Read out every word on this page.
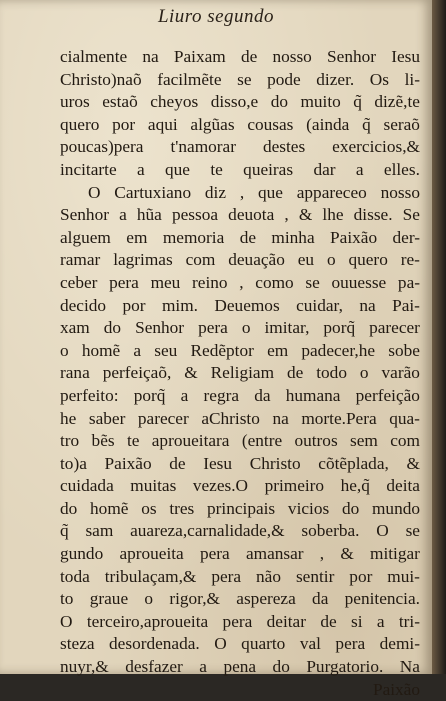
Liuro segundo
cialmente na Paixam de nosso Senhor Iesu
Christo)naõ facilmẽte se pode dizer. Os li-
uros estaõ cheyos disso,e do muito q̃ dizẽ,te
quero por aqui algũas cousas (ainda q̃ seraõ
poucas)pera t'namorar destes exercicios,&
incitarte a que te queiras dar a elles.
O Cartuxiano diz , que appareceo nosso
Senhor a hũa pessoa deuota , & lhe disse. Se
alguem em memoria de minha Paixão der-
ramar lagrimas com deuação eu o quero re-
ceber pera meu reino , como se ouuesse pa-
decido por mim. Deuemos cuidar, na Pai-
xam do Senhor pera o imitar, porq̃ parecer
o homẽ a seu Redẽptor em padecer,he sobe
rana perfeiçaõ, & Religiam de todo o varão
perfeito: porq̃ a regra da humana perfeição
he saber parecer aChristo na morte.Pera qua-
tro bẽs te aproueitara (entre outros sem com
to)a Paixão de Iesu Christo cõtẽplada, &
cuidada muitas vezes.O primeiro he,q̃ deita
do homẽ os tres principais vicios do mundo
q̃ sam auareza,carnalidade,& soberba. O se
gundo aproueita pera amansar , & mitigar
toda tribulaçam,& pera não sentir por mui-
to graue o rigor,& aspereza da penitencia.
O terceiro,aproueita pera deitar de si a tri-
steza desordenada. O quarto val pera demi-
nuyr,& desfazer a pena do Purgatorio. Na
Paixão
